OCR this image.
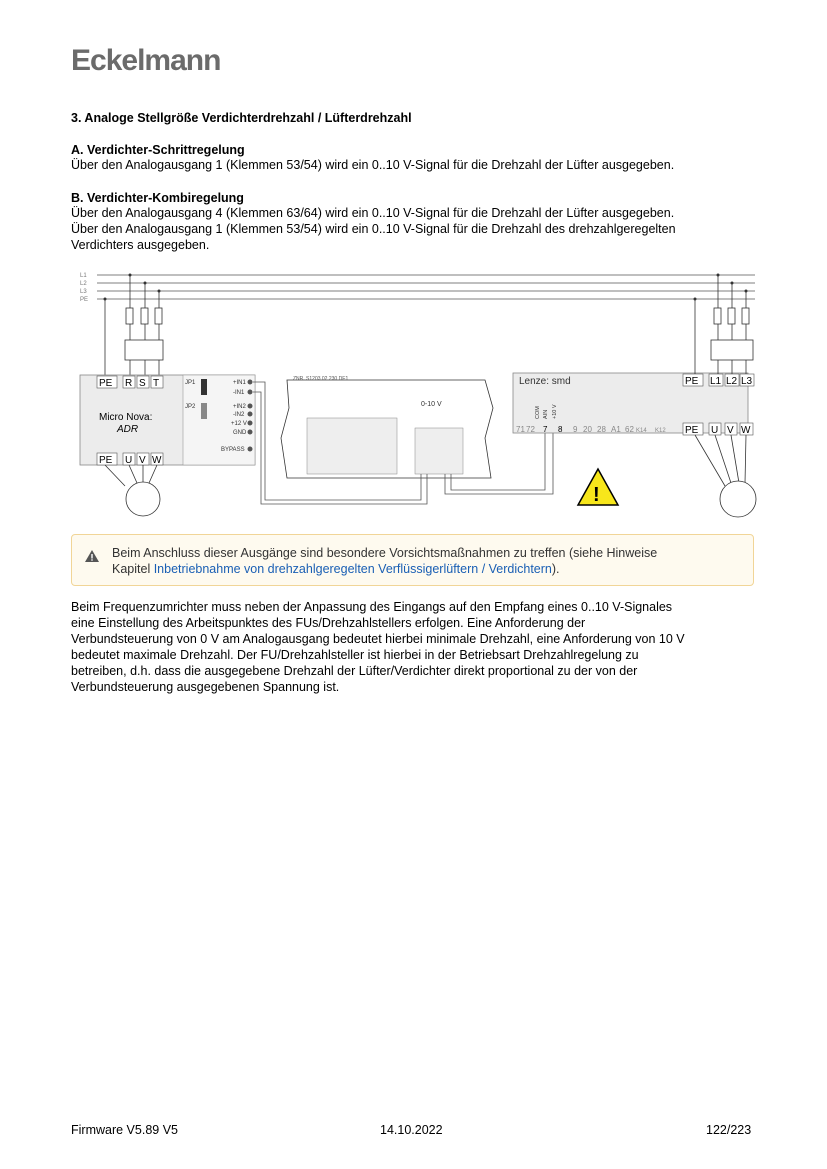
Eckelmann
3. Analoge Stellgröße Verdichterdrehzahl / Lüfterdrehzahl
A. Verdichter-Schrittregelung
Über den Analogausgang 1 (Klemmen 53/54) wird ein 0..10 V-Signal für die Drehzahl der Lüfter ausgegeben.
B. Verdichter-Kombiregelung
Über den Analogausgang 4 (Klemmen 63/64) wird ein 0..10 V-Signal für die Drehzahl der Lüfter ausgegeben.
Über den Analogausgang 1 (Klemmen 53/54) wird ein 0..10 V-Signal für die Drehzahl des drehzahlgeregelten
Verdichters ausgegeben.
L1
L2
L3
PE
PE R S T
Micro Nova:
ADR
PE U V W
JP1
JP2
+IN1
-IN1
+IN2
-IN2
+12 V
GND
BYPASS
ZNR. S1203 02 230 DE1
0-10 V
Lenze: smd
COM AIN +10 V
71 72 7 8 9 20 28 A1 62 K14 K12
PE L1 L2 L3
PE U V W
!
Beim Anschluss dieser Ausgänge sind besondere Vorsichtsmaßnahmen zu treffen (siehe Hinweise
Kapitel Inbetriebnahme von drehzahlgeregelten Verflüssigerlüftern / Verdichtern).
Beim Frequenzumrichter muss neben der Anpassung des Eingangs auf den Empfang eines 0..10 V-Signales
eine Einstellung des Arbeitspunktes des FUs/Drehzahlstellers erfolgen. Eine Anforderung der
Verbundsteuerung von 0 V am Analogausgang bedeutet hierbei minimale Drehzahl, eine Anforderung von 10 V
bedeutet maximale Drehzahl. Der FU/Drehzahlsteller ist hierbei in der Betriebsart Drehzahlregelung zu
betreiben, d.h. dass die ausgegebene Drehzahl der Lüfter/Verdichter direkt proportional zu der von der
Verbundsteuerung ausgegebenen Spannung ist.
Firmware V5.89 V5	14.10.2022	122/223
